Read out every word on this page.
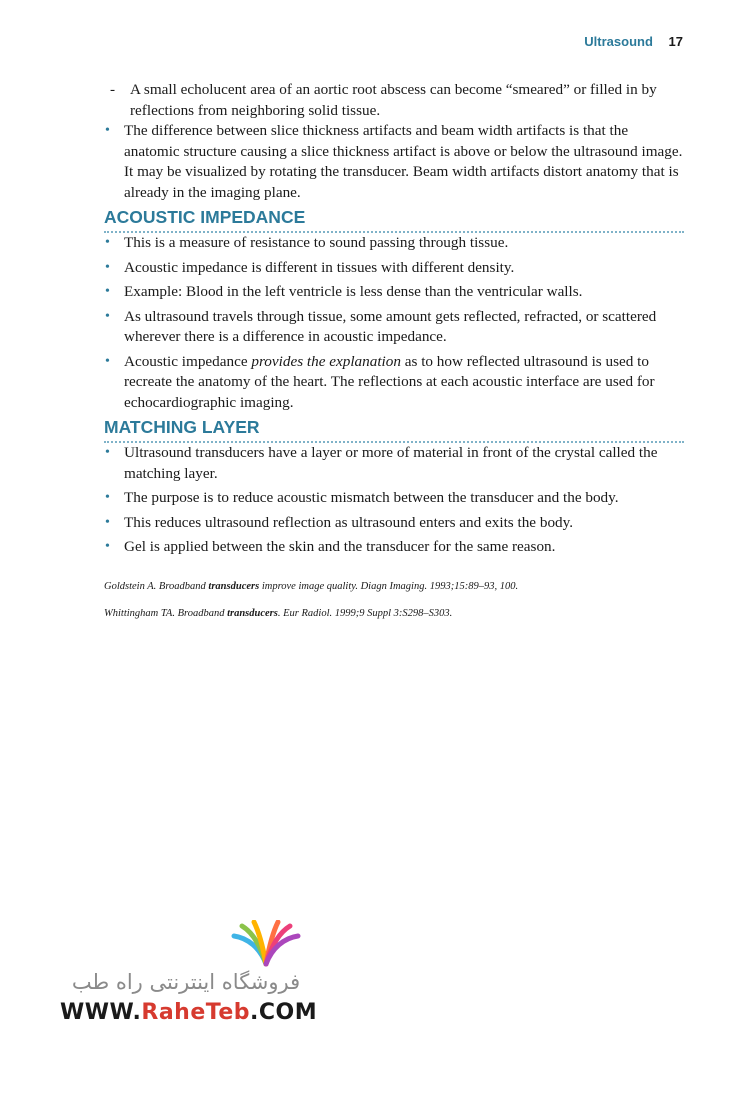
Ultrasound 17
- A small echolucent area of an aortic root abscess can become “smeared” or filled in by reflections from neighboring solid tissue.
• The difference between slice thickness artifacts and beam width artifacts is that the anatomic structure causing a slice thickness artifact is above or below the ultrasound image. It may be visualized by rotating the transducer. Beam width artifacts distort anatomy that is already in the imaging plane.
ACOUSTIC IMPEDANCE
• This is a measure of resistance to sound passing through tissue.
• Acoustic impedance is different in tissues with different density.
• Example: Blood in the left ventricle is less dense than the ventricular walls.
• As ultrasound travels through tissue, some amount gets reflected, refracted, or scattered wherever there is a difference in acoustic impedance.
• Acoustic impedance provides the explanation as to how reflected ultrasound is used to recreate the anatomy of the heart. The reflections at each acoustic interface are used for echocardiographic imaging.
MATCHING LAYER
• Ultrasound transducers have a layer or more of material in front of the crystal called the matching layer.
• The purpose is to reduce acoustic mismatch between the transducer and the body.
• This reduces ultrasound reflection as ultrasound enters and exits the body.
• Gel is applied between the skin and the transducer for the same reason.
Goldstein A. Broadband transducers improve image quality. Diagn Imaging. 1993;15:89–93, 100.
Whittingham TA. Broadband transducers. Eur Radiol. 1999;9 Suppl 3:S298–S303.
فروشگاه اینترنتی راه طب
WWW.RaheTeb.COM
